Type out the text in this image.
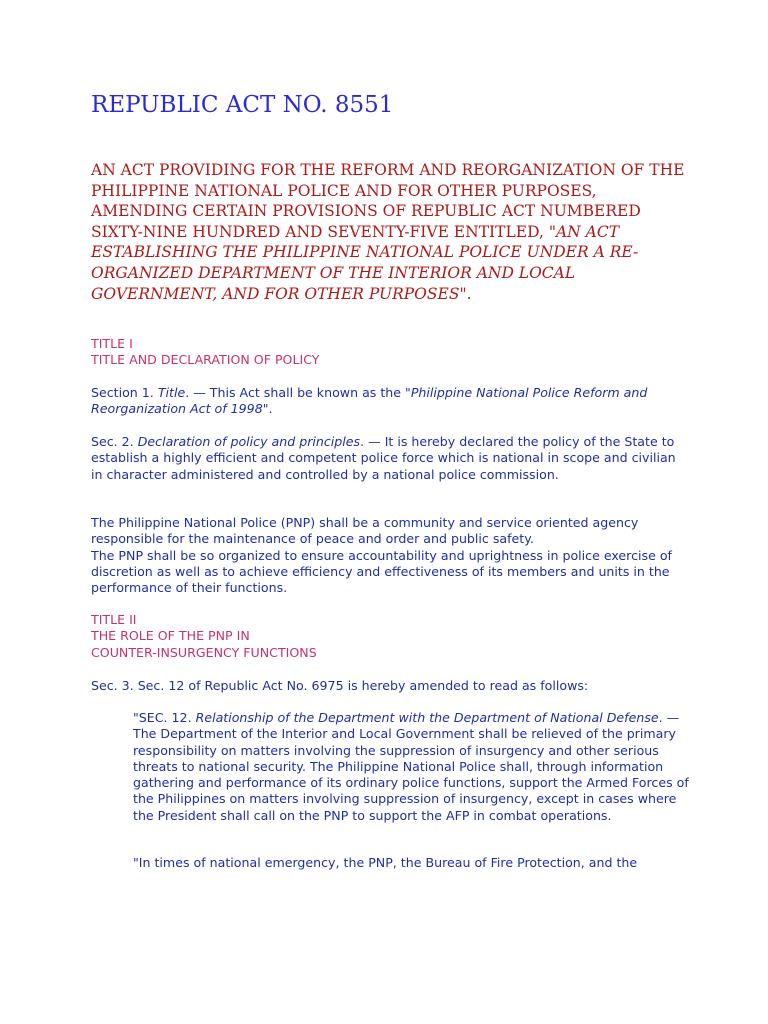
REPUBLIC ACT NO. 8551

AN ACT PROVIDING FOR THE REFORM AND REORGANIZATION OF THE PHILIPPINE NATIONAL POLICE AND FOR OTHER PURPOSES, AMENDING CERTAIN PROVISIONS OF REPUBLIC ACT NUMBERED SIXTY-NINE HUNDRED AND SEVENTY-FIVE ENTITLED, "AN ACT ESTABLISHING THE PHILIPPINE NATIONAL POLICE UNDER A RE-ORGANIZED DEPARTMENT OF THE INTERIOR AND LOCAL GOVERNMENT, AND FOR OTHER PURPOSES".

TITLE I
TITLE AND DECLARATION OF POLICY

Section 1. Title. — This Act shall be known as the "Philippine National Police Reform and Reorganization Act of 1998".

Sec. 2. Declaration of policy and principles. — It is hereby declared the policy of the State to establish a highly efficient and competent police force which is national in scope and civilian in character administered and controlled by a national police commission.

The Philippine National Police (PNP) shall be a community and service oriented agency responsible for the maintenance of peace and order and public safety.
The PNP shall be so organized to ensure accountability and uprightness in police exercise of discretion as well as to achieve efficiency and effectiveness of its members and units in the performance of their functions.

TITLE II
THE ROLE OF THE PNP IN
COUNTER-INSURGENCY FUNCTIONS

Sec. 3. Sec. 12 of Republic Act No. 6975 is hereby amended to read as follows:

"SEC. 12. Relationship of the Department with the Department of National Defense. — The Department of the Interior and Local Government shall be relieved of the primary responsibility on matters involving the suppression of insurgency and other serious threats to national security. The Philippine National Police shall, through information gathering and performance of its ordinary police functions, support the Armed Forces of the Philippines on matters involving suppression of insurgency, except in cases where the President shall call on the PNP to support the AFP in combat operations.

"In times of national emergency, the PNP, the Bureau of Fire Protection, and the
